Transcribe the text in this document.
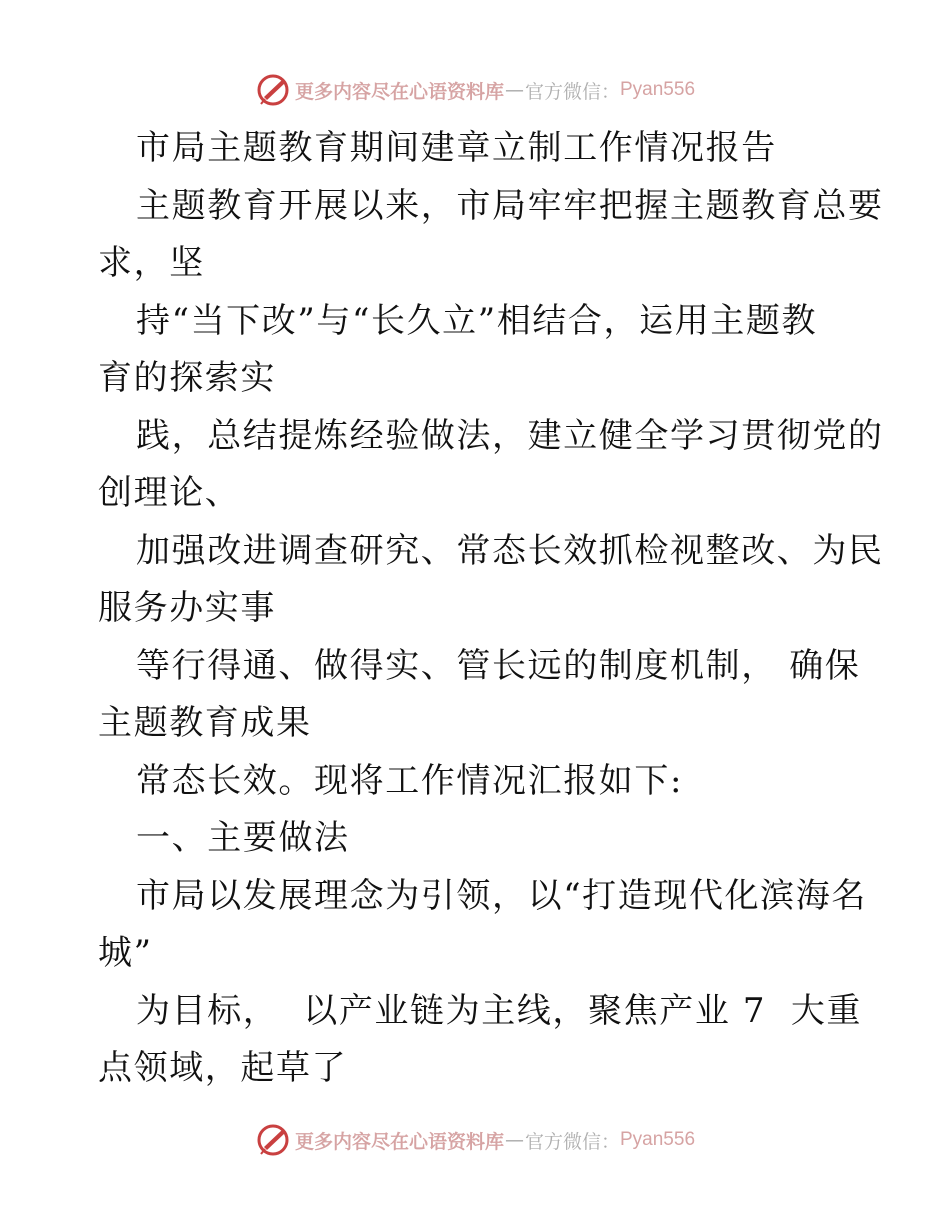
更多内容尽在心语资料库 — 官方微信： Pyan556
市局主题教育期间建章立制工作情况报告
主题教育开展以来，市局牢牢把握主题教育总要
求，坚
持“当下改”与“长久立”相结合，运用主题教
育的探索实
践，总结提炼经验做法，建立健全学习贯彻党的
创理论、
加强改进调查研究、常态长效抓检视整改、为民
服务办实事
等行得通、做得实、管长远的制度机制， 确保
主题教育成果
常态长效。现将工作情况汇报如下:
一、主要做法
市局以发展理念为引领，以“打造现代化滨海名
城”
为目标，  以产业链为主线，聚焦产业 7  大重
点领域，起草了
更多内容尽在心语资料库 — 官方微信： Pyan556
